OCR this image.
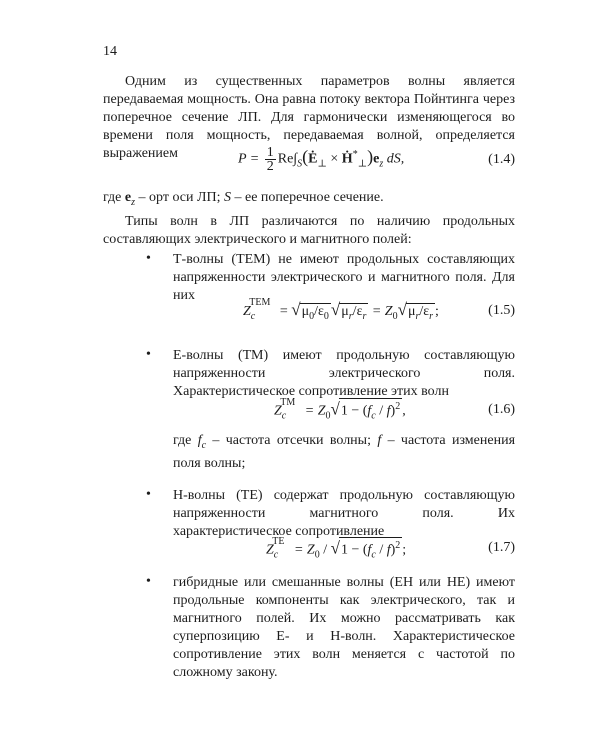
14
Одним из существенных параметров волны является передаваемая мощность. Она равна потоку вектора Пойнтинга через поперечное сечение ЛП. Для гармонически изменяющегося во времени поля мощность, передаваемая волной, определяется выражением	$P = \frac{1}{2}$ $Re\int_S(Ė_\perp$ × $Ḣ^*_\perp)e_z$ dS,	(1.4)
где $e_z$ – орт оси ЛП; S – ее поперечное сечение.
Типы волн в ЛП различаются по наличию продольных составляющих электрического и магнитного полей:
• Т-волны (ТЕМ) не имеют продольных составляющих напряженности электрического и магнитного поля. Для них
$Z_c^{TEM} = √\mu_0/\varepsilon_0$ $√\mu_r/\varepsilon_r = Z_0√\mu_r/\varepsilon_r$ ;	(1.5)
• Е-волны (ТМ) имеют продольную составляющую напряженности электрического поля. Характеристическое сопротивление этих волн
$Z_c™ = Z_0√1 - (f_c / f)^2$ ,	(1.6)
где $f_c$ – частота отсечки волны; f – частота изменения поля волны;
• Н-волны (ТЕ) содержат продольную составляющую напряженности магнитного поля. Их характеристическое сопротивление
$Z_c^{TE} = Z_0 / √1 - (f_c / f)^2$ ;	(1.7)
• гибридные или смешанные волны (ЕН или НЕ) имеют продольные компоненты как электрического, так и магнитного полей. Их можно рассматривать как суперпозицию Е- и Н-волн. Характеристическое сопротивление этих волн меняется с частотой по сложному закону.
